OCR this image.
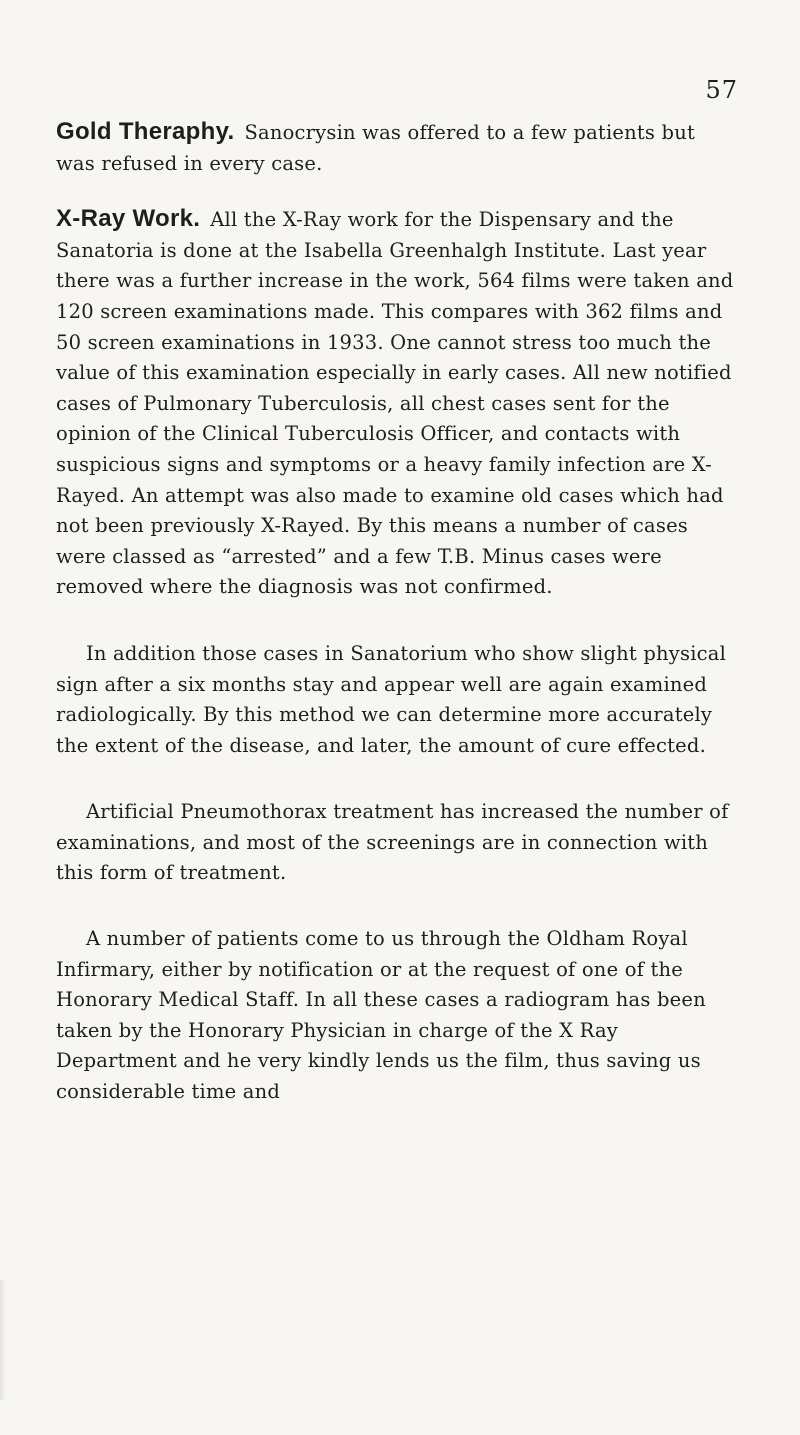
57

Gold Theraphy. Sanocrysin was offered to a few patients but was refused in every case.

X-Ray Work. All the X-Ray work for the Dispensary and the Sanatoria is done at the Isabella Greenhalgh Institute. Last year there was a further increase in the work, 564 films were taken and 120 screen examinations made. This compares with 362 films and 50 screen examinations in 1933. One cannot stress too much the value of this examination especially in early cases. All new notified cases of Pulmonary Tuberculosis, all chest cases sent for the opinion of the Clinical Tuberculosis Officer, and contacts with suspicious signs and symptoms or a heavy family infection are X-Rayed. An attempt was also made to examine old cases which had not been previously X-Rayed. By this means a number of cases were classed as “arrested” and a few T.B. Minus cases were removed where the diagnosis was not confirmed.

In addition those cases in Sanatorium who show slight physical sign after a six months stay and appear well are again examined radiologically. By this method we can determine more accurately the extent of the disease, and later, the amount of cure effected.

Artificial Pneumothorax treatment has increased the number of examinations, and most of the screenings are in connection with this form of treatment.

A number of patients come to us through the Oldham Royal Infirmary, either by notification or at the request of one of the Honorary Medical Staff. In all these cases a radiogram has been taken by the Honorary Physician in charge of the X Ray Department and he very kindly lends us the film, thus saving us considerable time and
